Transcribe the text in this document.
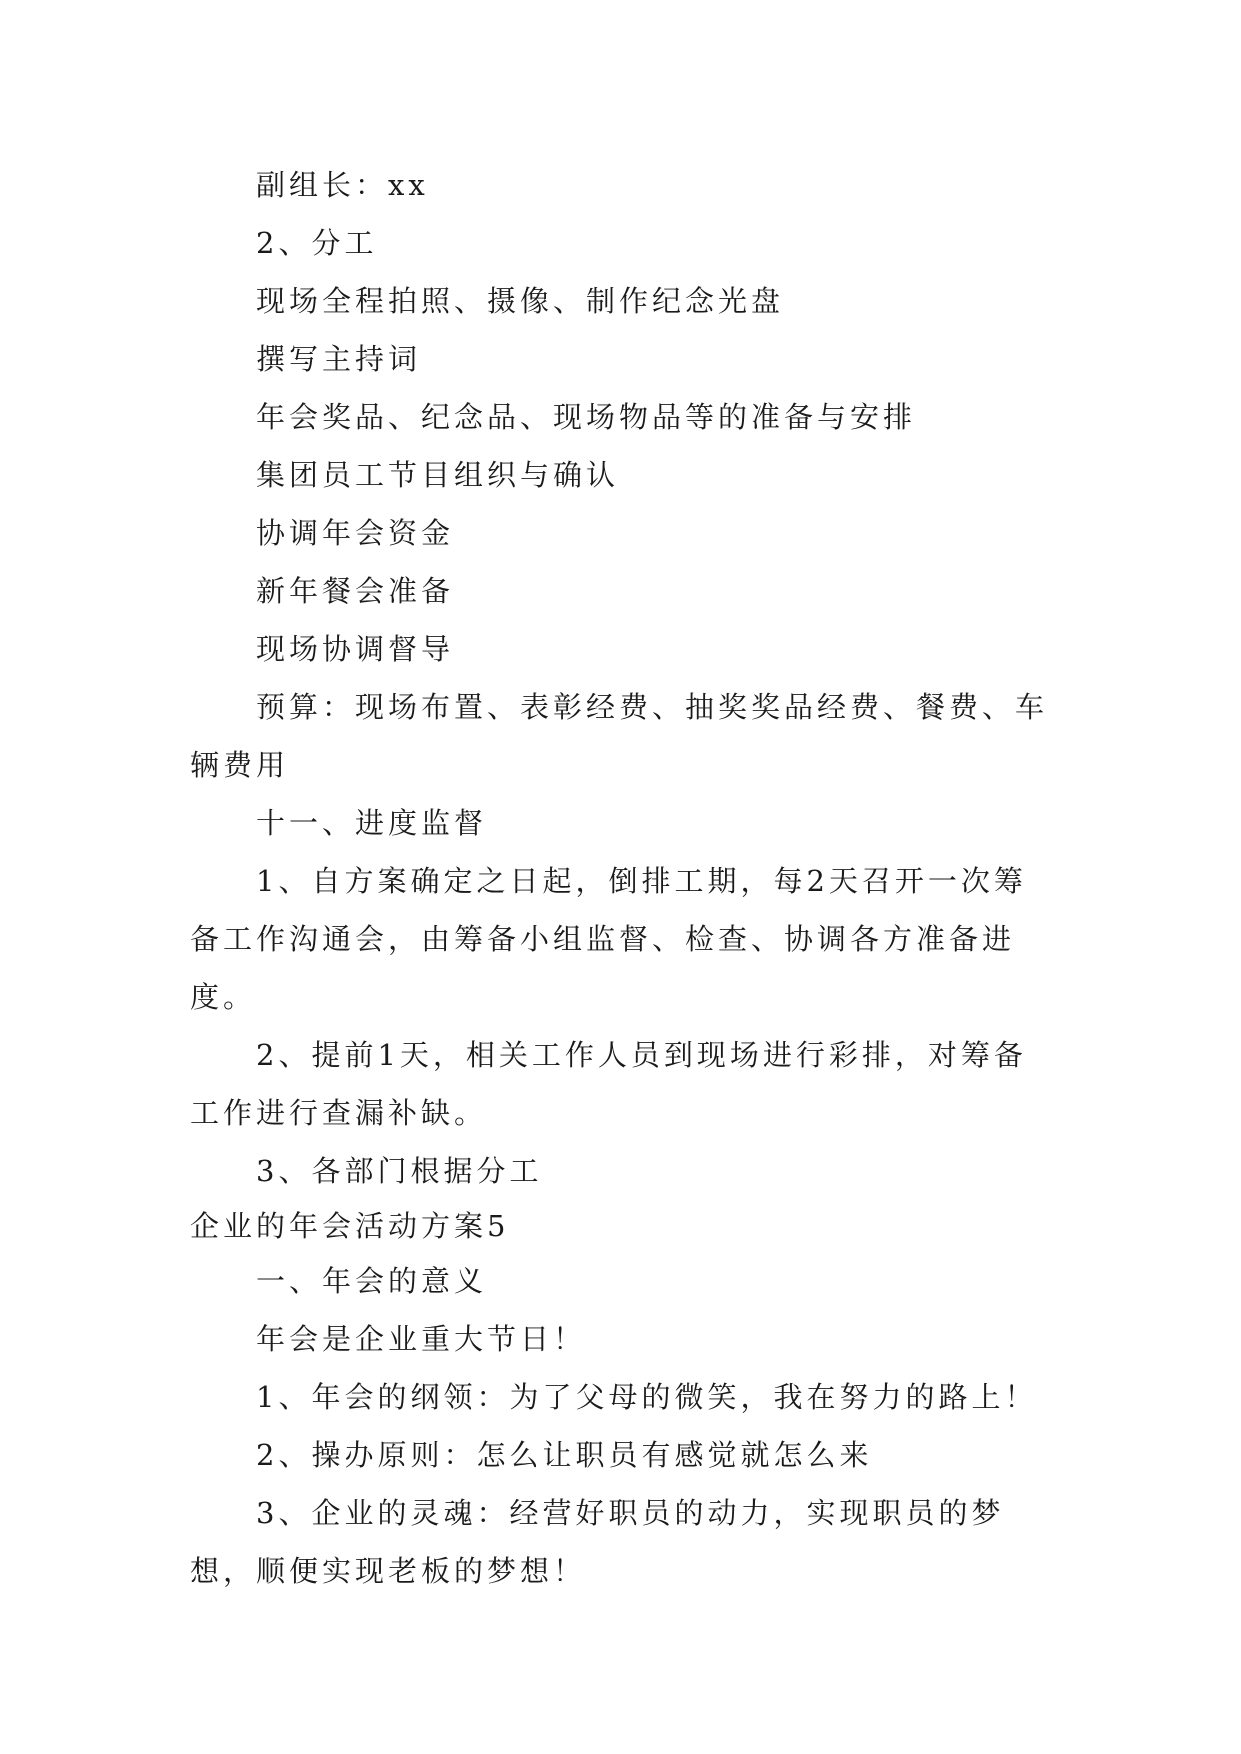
副组长：xx

2、分工

现场全程拍照、摄像、制作纪念光盘

撰写主持词

年会奖品、纪念品、现场物品等的准备与安排

集团员工节目组织与确认

协调年会资金

新年餐会准备

现场协调督导

预算：现场布置、表彰经费、抽奖奖品经费、餐费、车辆费用

十一、进度监督

1、自方案确定之日起，倒排工期，每2天召开一次筹备工作沟通会，由筹备小组监督、检查、协调各方准备进度。

2、提前1天，相关工作人员到现场进行彩排，对筹备工作进行查漏补缺。

3、各部门根据分工

企业的年会活动方案5

一、年会的意义

年会是企业重大节日！

1、年会的纲领：为了父母的微笑，我在努力的路上！

2、操办原则：怎么让职员有感觉就怎么来

3、企业的灵魂：经营好职员的动力，实现职员的梦想，顺便实现老板的梦想！
